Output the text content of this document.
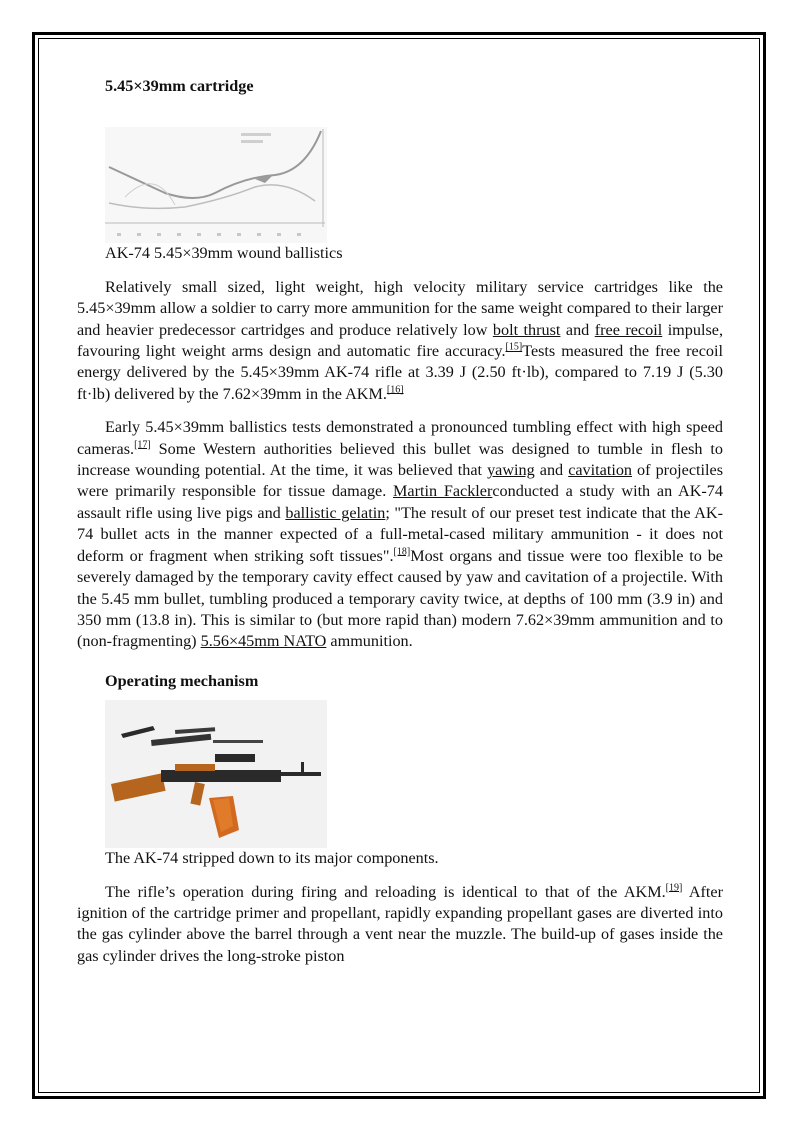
5.45×39mm cartridge
AK-74 5.45×39mm wound ballistics

Relatively small sized, light weight, high velocity military service cartridges like the 5.45×39mm allow a soldier to carry more ammunition for the same weight compared to their larger and heavier predecessor cartridges and produce relatively low bolt thrust and free recoil impulse, favouring light weight arms design and automatic fire accuracy.[15]Tests measured the free recoil energy delivered by the 5.45×39mm AK-74 rifle at 3.39 J (2.50 ft·lb), compared to 7.19 J (5.30 ft·lb) delivered by the 7.62×39mm in the AKM.[16]

Early 5.45×39mm ballistics tests demonstrated a pronounced tumbling effect with high speed cameras.[17] Some Western authorities believed this bullet was designed to tumble in flesh to increase wounding potential. At the time, it was believed that yawing and cavitation of projectiles were primarily responsible for tissue damage. Martin Facklerconducted a study with an AK-74 assault rifle using live pigs and ballistic gelatin; "The result of our preset test indicate that the AK-74 bullet acts in the manner expected of a full-metal-cased military ammunition - it does not deform or fragment when striking soft tissues".[18]Most organs and tissue were too flexible to be severely damaged by the temporary cavity effect caused by yaw and cavitation of a projectile. With the 5.45 mm bullet, tumbling produced a temporary cavity twice, at depths of 100 mm (3.9 in) and 350 mm (13.8 in). This is similar to (but more rapid than) modern 7.62×39mm ammunition and to (non-fragmenting) 5.56×45mm NATO ammunition.

Operating mechanism
The AK-74 stripped down to its major components.

The rifle’s operation during firing and reloading is identical to that of the AKM.[19] After ignition of the cartridge primer and propellant, rapidly expanding propellant gases are diverted into the gas cylinder above the barrel through a vent near the muzzle. The build-up of gases inside the gas cylinder drives the long-stroke piston
